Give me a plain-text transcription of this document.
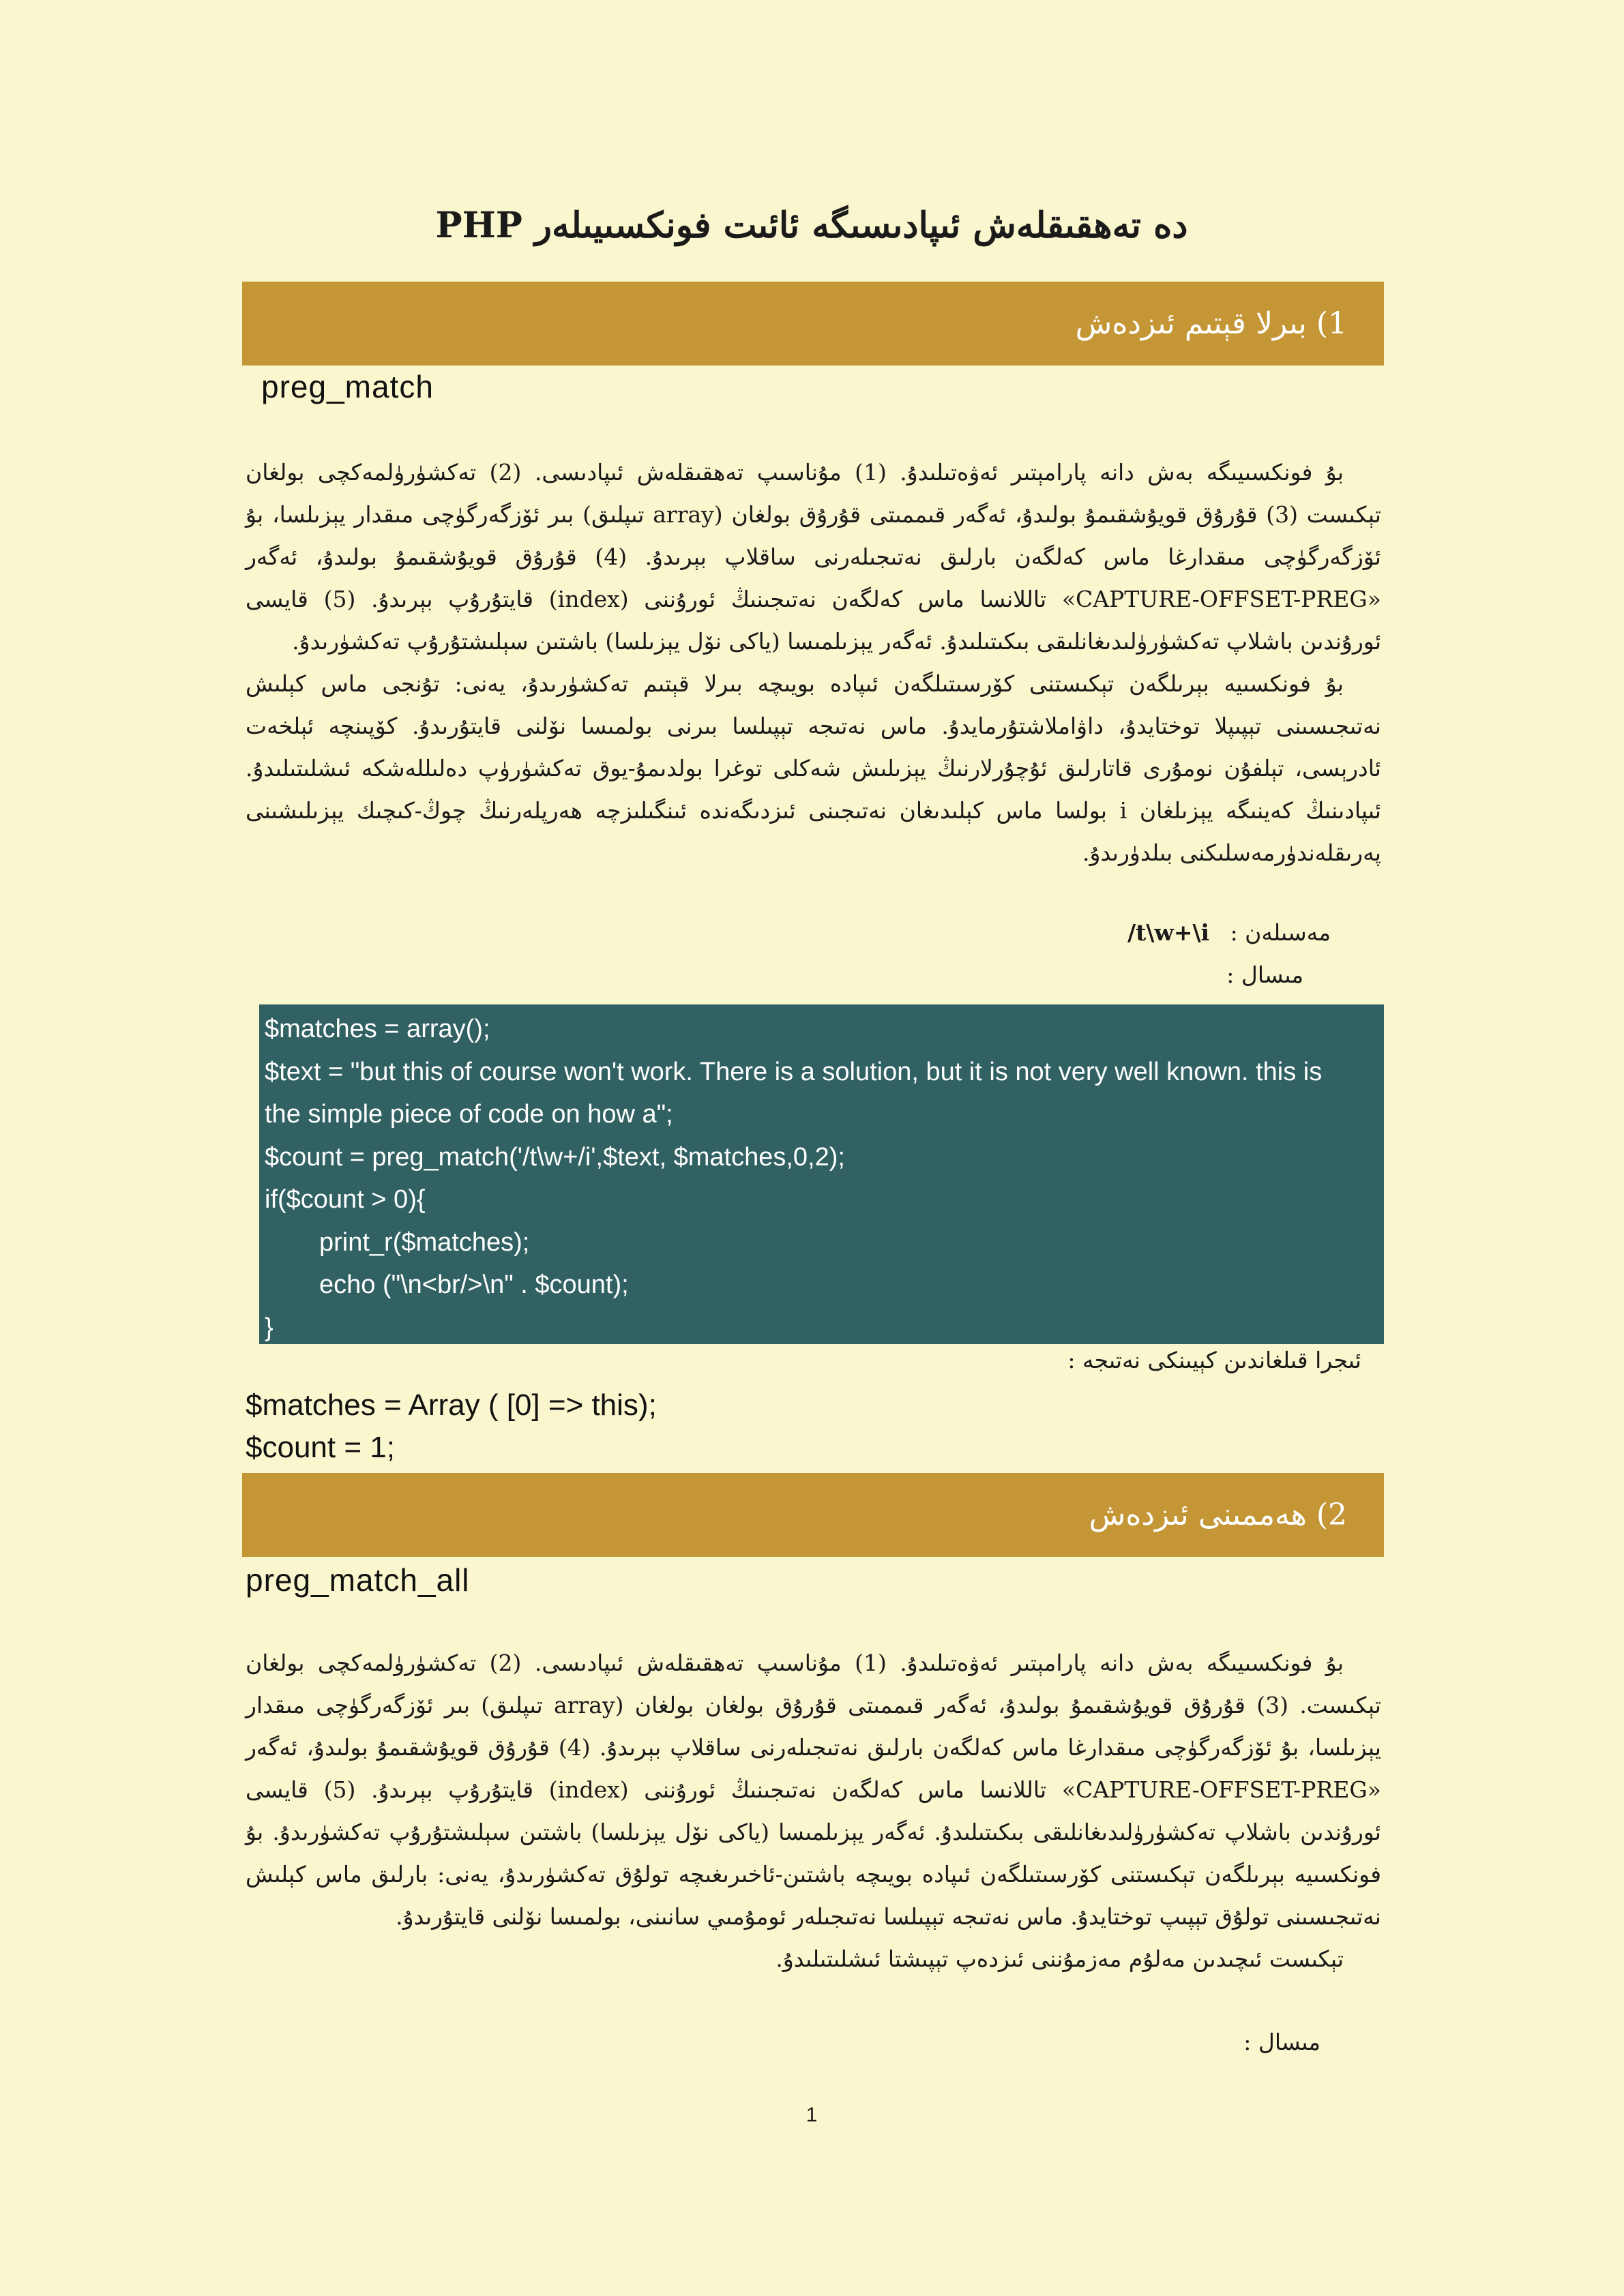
PHP دە تەھقىقلەش ئىپادىسىگە ئائىت فونكسىيىلەر
1) بىرلا قېتىم ئىزدەش
preg_match

بۇ فونكسىيىگە بەش دانە پارامېتىر ئەۋەتىلىدۇ. (1) مۇناسىپ تەھقىقلەش ئىپادىسى. (2) تەكشۈرۈلمەكچى بولغان تېكىست (3) قۇرۇق قويۇشقىمۇ بولىدۇ، ئەگەر قىممىتى قۇرۇق بولغان (array تىپلىق) بىر ئۆزگەرگۈچى مىقدار يېزىلسا، بۇ ئۆزگەرگۈچى مىقدارغا ماس كەلگەن بارلىق نەتىجىلەرنى ساقلاپ بېرىدۇ. (4) قۇرۇق قويۇشقىمۇ بولىدۇ، ئەگەر «CAPTURE-OFFSET-PREG» تاللانسا ماس كەلگەن نەتىجىنىڭ ئورۇننى (index) قايتۇرۇپ بېرىدۇ. (5) قايسى ئورۇندىن باشلاپ تەكشۈرۈلىدىغانلىقى بىكىتىلىدۇ. ئەگەر يېزىلمىسا (ياكى نۆل يېزىلسا) باشتىن سېلىشتۇرۇپ تەكشۈرىدۇ.

بۇ فونكسىيە بېرىلگەن تېكىستنى كۆرسىتىلگەن ئىپادە بويىچە بىرلا قېتىم تەكشۈرىدۇ، يەنى: تۇنجى ماس كېلىش نەتىجىسىنى تېپىپلا توختايدۇ، داۋاملاشتۇرمايدۇ. ماس نەتىجە تېپىلسا بىرنى بولمىسا نۆلنى قايتۇرىدۇ. كۆپىنچە ئېلخەت ئادرېسى، تېلفۇن نومۇرى قاتارلىق ئۇچۇرلارنىڭ يېزىلىش شەكلى توغرا بولدىمۇ-يوق تەكشۈرۈپ دەلىللەشكە ئىشلىتىلىدۇ. ئىپادىنىڭ كەينىگە يېزىلغان i بولسا ماس كېلىدىغان نەتىجىنى ئىزدىگەندە ئىنگىلىزچە ھەرپلەرنىڭ چوڭ-كىچىك يېزىلىشىنى پەرىقلەندۈرمەسلىكنى بىلدۈرىدۇ.

مەسىلەن : /t\w+\i
مىسال :
$matches = array();
$text = "but this of course won't work. There is a solution, but it is not very well known. this is
the simple piece of code on how a";
$count = preg_match('/t\w+/i',$text, $matches,0,2);
if($count > 0){
print_r($matches);
echo ("\n<br/>\n" . $count);
}
ئىجرا قىلغاندىن كېيىنكى نەتىجە :
$matches = Array ( [0] => this);
$count = 1;
2) ھەممىنى ئىزدەش
preg_match_all

بۇ فونكسىيىگە بەش دانە پارامېتىر ئەۋەتىلىدۇ. (1) مۇناسىپ تەھقىقلەش ئىپادىسى. (2) تەكشۈرۈلمەكچى بولغان تېكىست. (3) قۇرۇق قويۇشقىمۇ بولىدۇ، ئەگەر قىممىتى قۇرۇق بولغان بولغان (array تىپلىق) بىر ئۆزگەرگۈچى مىقدار يېزىلسا، بۇ ئۆزگەرگۈچى مىقدارغا ماس كەلگەن بارلىق نەتىجىلەرنى ساقلاپ بېرىدۇ. (4) قۇرۇق قويۇشقىمۇ بولىدۇ، ئەگەر «CAPTURE-OFFSET-PREG» تاللانسا ماس كەلگەن نەتىجىنىڭ ئورۇننى (index) قايتۇرۇپ بېرىدۇ. (5) قايسى ئورۇندىن باشلاپ تەكشۈرۈلىدىغانلىقى بىكىتىلىدۇ. ئەگەر يېزىلمىسا (ياكى نۆل يېزىلسا) باشتىن سېلىشتۇرۇپ تەكشۈرىدۇ. بۇ فونكسىيە بېرىلگەن تېكىستنى كۆرسىتىلگەن ئىپادە بويىچە باشتىن-ئاخىرىغىچە تولۇق تەكشۈرىدۇ، يەنى: بارلىق ماس كېلىش نەتىجىسىنى تولۇق تېپىپ توختايدۇ. ماس نەتىجە تېپىلسا نەتىجىلەر ئومۇمىي سانىنى، بولمىسا نۆلنى قايتۇرىدۇ.

تېكىست ئىچىدىن مەلۇم مەزمۇننى ئىزدەپ تېپىشتا ئىشلىتىلىدۇ.

مىسال :
1
